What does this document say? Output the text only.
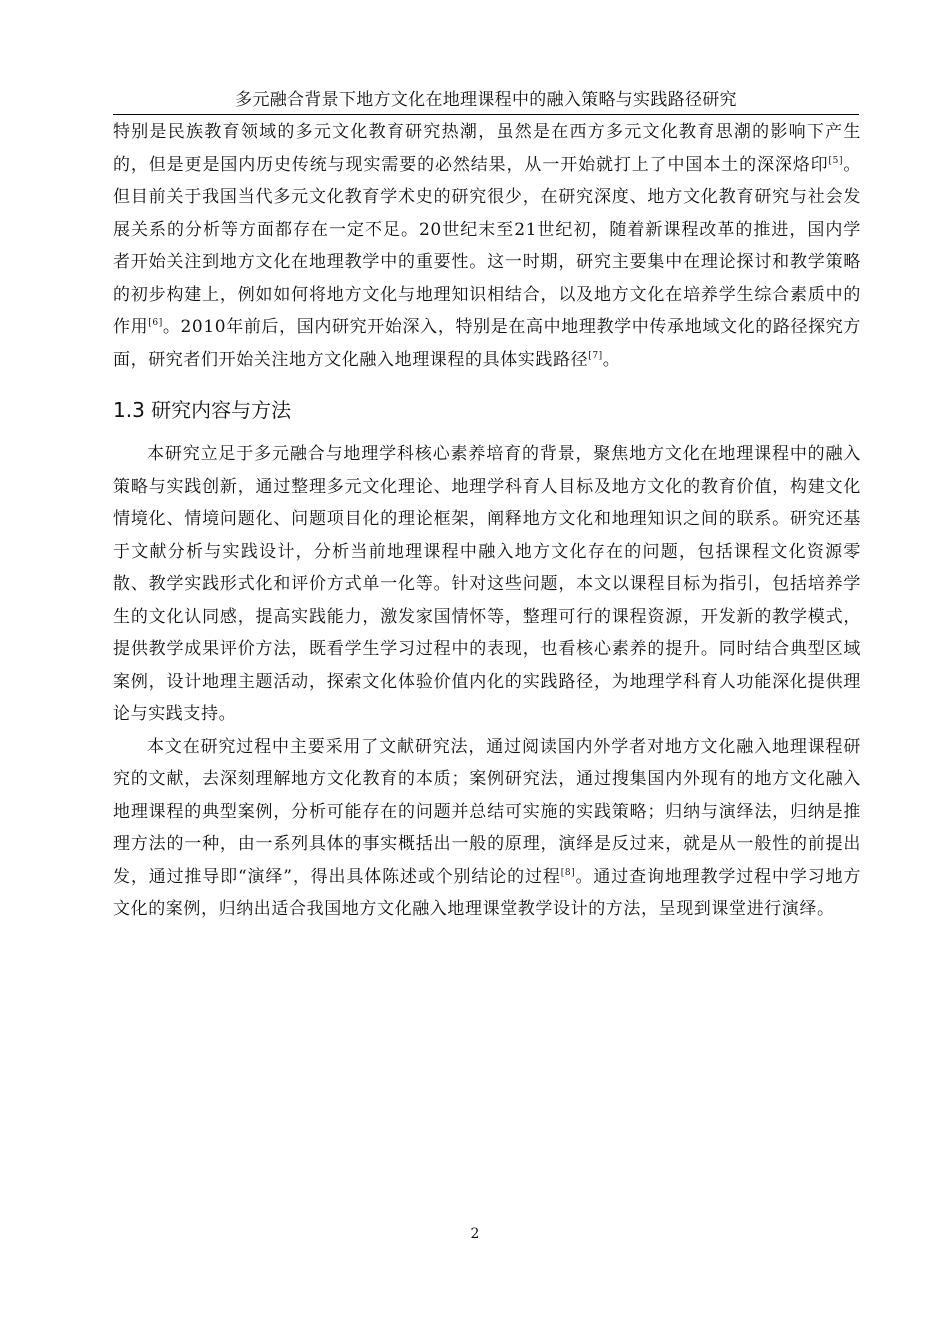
多元融合背景下地方文化在地理课程中的融入策略与实践路径研究

特别是民族教育领域的多元文化教育研究热潮，虽然是在西方多元文化教育思潮的影响下产生的，但是更是国内历史传统与现实需要的必然结果，从一开始就打上了中国本土的深深烙印[5]。但目前关于我国当代多元文化教育学术史的研究很少，在研究深度、地方文化教育研究与社会发展关系的分析等方面都存在一定不足。20世纪末至21世纪初，随着新课程改革的推进，国内学者开始关注到地方文化在地理教学中的重要性。这一时期，研究主要集中在理论探讨和教学策略的初步构建上，例如如何将地方文化与地理知识相结合，以及地方文化在培养学生综合素质中的作用[6]。2010年前后，国内研究开始深入，特别是在高中地理教学中传承地域文化的路径探究方面，研究者们开始关注地方文化融入地理课程的具体实践路径[7]。

1.3 研究内容与方法

本研究立足于多元融合与地理学科核心素养培育的背景，聚焦地方文化在地理课程中的融入策略与实践创新，通过整理多元文化理论、地理学科育人目标及地方文化的教育价值，构建文化情境化、情境问题化、问题项目化的理论框架，阐释地方文化和地理知识之间的联系。研究还基于文献分析与实践设计，分析当前地理课程中融入地方文化存在的问题，包括课程文化资源零散、教学实践形式化和评价方式单一化等。针对这些问题，本文以课程目标为指引，包括培养学生的文化认同感，提高实践能力，激发家国情怀等，整理可行的课程资源，开发新的教学模式，提供教学成果评价方法，既看学生学习过程中的表现，也看核心素养的提升。同时结合典型区域案例，设计地理主题活动，探索文化体验价值内化的实践路径，为地理学科育人功能深化提供理论与实践支持。

本文在研究过程中主要采用了文献研究法，通过阅读国内外学者对地方文化融入地理课程研究的文献，去深刻理解地方文化教育的本质；案例研究法，通过搜集国内外现有的地方文化融入地理课程的典型案例，分析可能存在的问题并总结可实施的实践策略；归纳与演绎法，归纳是推理方法的一种，由一系列具体的事实概括出一般的原理，演绎是反过来，就是从一般性的前提出发，通过推导即“演绎”，得出具体陈述或个别结论的过程[8]。通过查询地理教学过程中学习地方文化的案例，归纳出适合我国地方文化融入地理课堂教学设计的方法，呈现到课堂进行演绎。

2
